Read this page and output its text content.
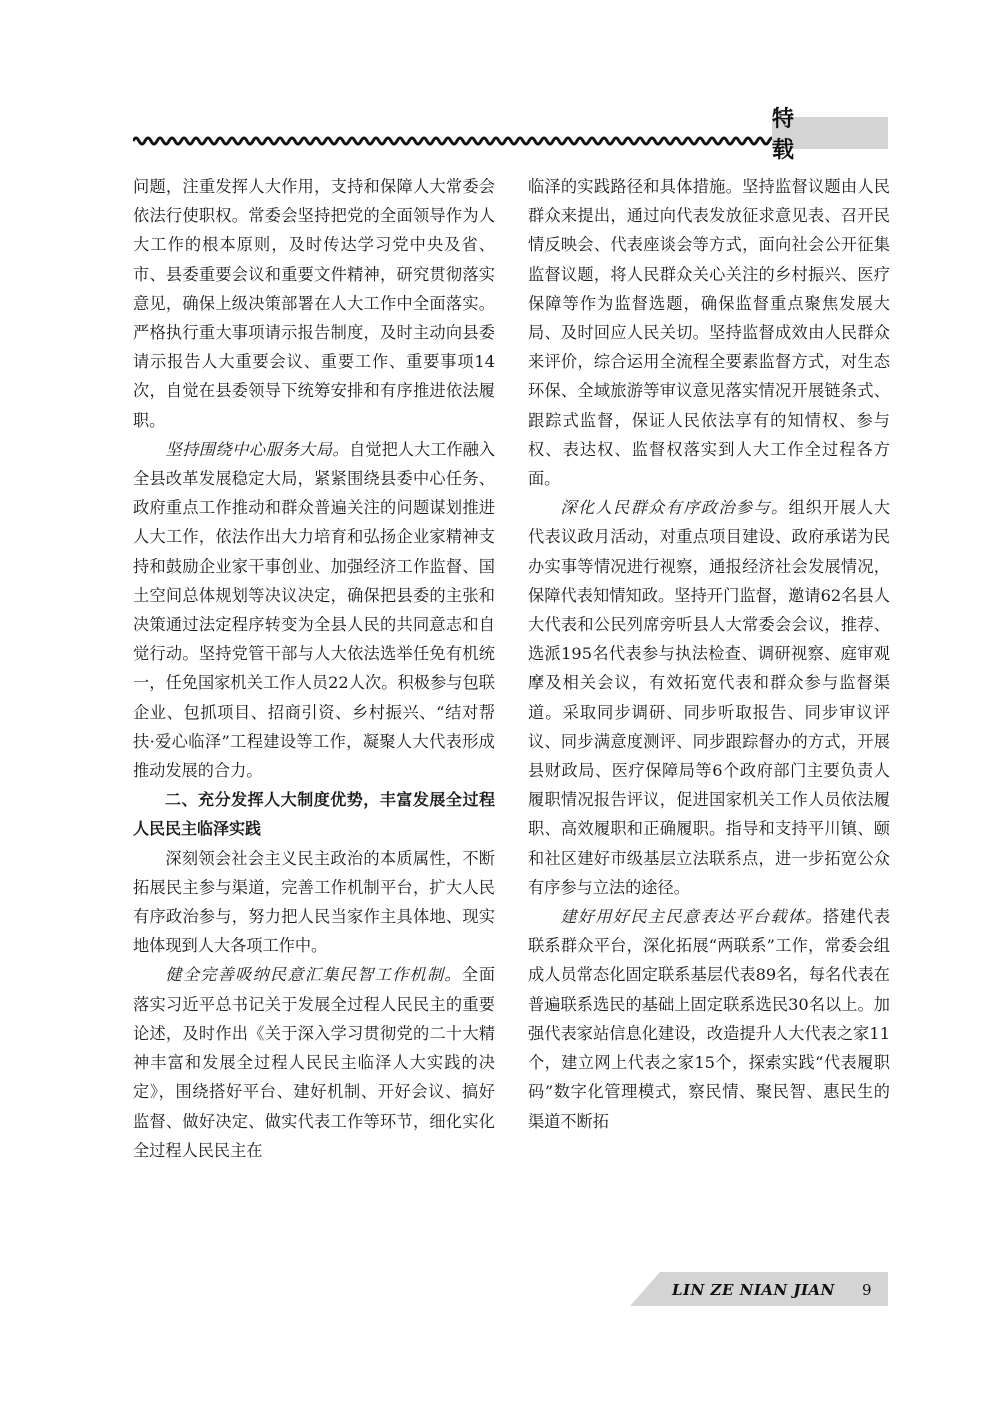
特　载

问题，注重发挥人大作用，支持和保障人大常委会依法行使职权。常委会坚持把党的全面领导作为人大工作的根本原则，及时传达学习党中央及省、市、县委重要会议和重要文件精神，研究贯彻落实意见，确保上级决策部署在人大工作中全面落实。严格执行重大事项请示报告制度，及时主动向县委请示报告人大重要会议、重要工作、重要事项14次，自觉在县委领导下统筹安排和有序推进依法履职。

坚持围绕中心服务大局。自觉把人大工作融入全县改革发展稳定大局，紧紧围绕县委中心任务、政府重点工作推动和群众普遍关注的问题谋划推进人大工作，依法作出大力培育和弘扬企业家精神支持和鼓励企业家干事创业、加强经济工作监督、国土空间总体规划等决议决定，确保把县委的主张和决策通过法定程序转变为全县人民的共同意志和自觉行动。坚持党管干部与人大依法选举任免有机统一，任免国家机关工作人员22人次。积极参与包联企业、包抓项目、招商引资、乡村振兴、“结对帮扶·爱心临泽”工程建设等工作，凝聚人大代表形成推动发展的合力。

二、充分发挥人大制度优势，丰富发展全过程人民民主临泽实践

深刻领会社会主义民主政治的本质属性，不断拓展民主参与渠道，完善工作机制平台，扩大人民有序政治参与，努力把人民当家作主具体地、现实地体现到人大各项工作中。

健全完善吸纳民意汇集民智工作机制。全面落实习近平总书记关于发展全过程人民民主的重要论述，及时作出《关于深入学习贯彻党的二十大精神丰富和发展全过程人民民主临泽人大实践的决定》，围绕搭好平台、建好机制、开好会议、搞好监督、做好决定、做实代表工作等环节，细化实化全过程人民民主在

临泽的实践路径和具体措施。坚持监督议题由人民群众来提出，通过向代表发放征求意见表、召开民情反映会、代表座谈会等方式，面向社会公开征集监督议题，将人民群众关心关注的乡村振兴、医疗保障等作为监督选题，确保监督重点聚焦发展大局、及时回应人民关切。坚持监督成效由人民群众来评价，综合运用全流程全要素监督方式，对生态环保、全域旅游等审议意见落实情况开展链条式、跟踪式监督，保证人民依法享有的知情权、参与权、表达权、监督权落实到人大工作全过程各方面。

深化人民群众有序政治参与。组织开展人大代表议政月活动，对重点项目建设、政府承诺为民办实事等情况进行视察，通报经济社会发展情况，保障代表知情知政。坚持开门监督，邀请62名县人大代表和公民列席旁听县人大常委会会议，推荐、选派195名代表参与执法检查、调研视察、庭审观摩及相关会议，有效拓宽代表和群众参与监督渠道。采取同步调研、同步听取报告、同步审议评议、同步满意度测评、同步跟踪督办的方式，开展县财政局、医疗保障局等6个政府部门主要负责人履职情况报告评议，促进国家机关工作人员依法履职、高效履职和正确履职。指导和支持平川镇、颐和社区建好市级基层立法联系点，进一步拓宽公众有序参与立法的途径。

建好用好民主民意表达平台载体。搭建代表联系群众平台，深化拓展“两联系”工作，常委会组成人员常态化固定联系基层代表89名，每名代表在普遍联系选民的基础上固定联系选民30名以上。加强代表家站信息化建设，改造提升人大代表之家11个，建立网上代表之家15个，探索实践“代表履职码”数字化管理模式，察民情、聚民智、惠民生的渠道不断拓

LIN ZE NIAN JIAN 9
